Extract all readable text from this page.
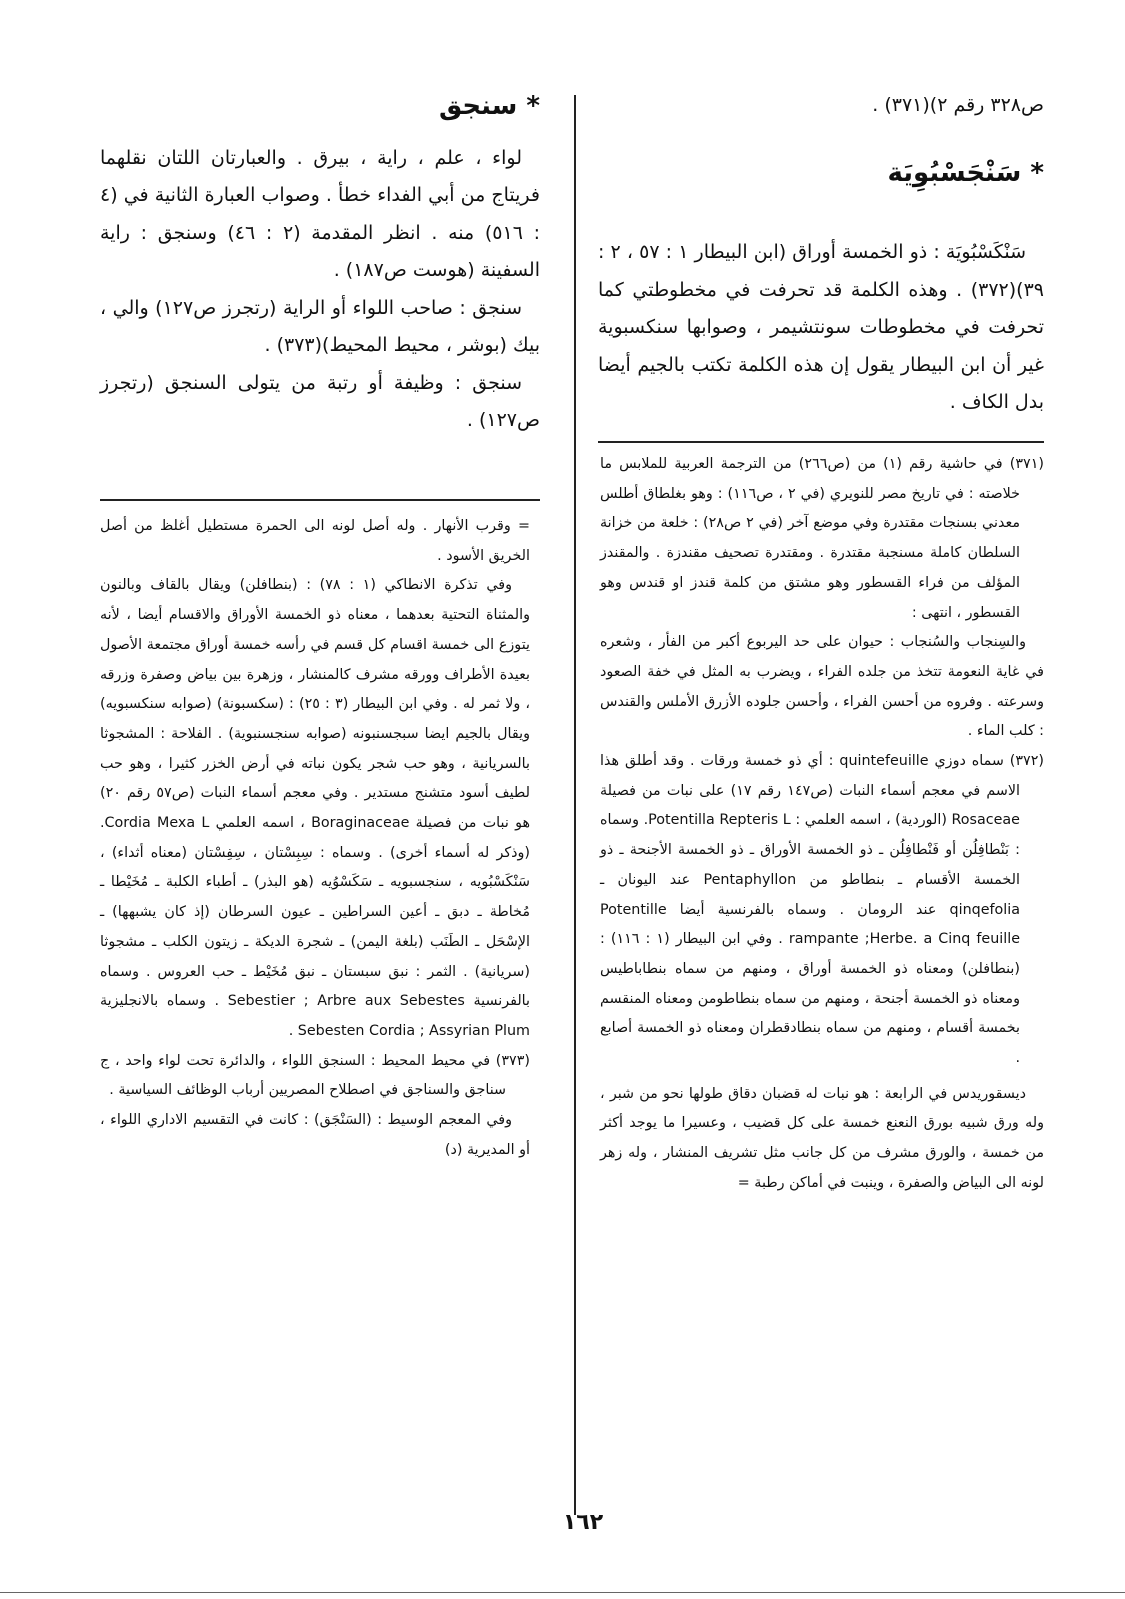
ص٣٢٨ رقم ٢)(٣٧١) .

* سَنْجَسْبُوِيَة

سَنْكَسْبُويَة : ذو الخمسة أوراق (ابن البيطار ١ : ٥٧ ، ٢ : ٣٩)(٣٧٢) . وهذه الكلمة قد تحرفت في مخطوطتي كما تحرفت في مخطوطات سونتشيمر ، وصوابها سنكسبوية غير أن ابن البيطار يقول إن هذه الكلمة تكتب بالجيم أيضا بدل الكاف .

(٣٧١) في حاشية رقم (١) من (ص٢٦٦) من الترجمة العربية للملابس ما خلاصته : في تاريخ مصر للنويري (في ٢ ، ص١١٦) : وهو بغلطاق أطلس معدني بسنجات مقتدرة وفي موضع آخر (في ٢ ص٢٨) : خلعة من خزانة السلطان كاملة مسنجبة مقتدرة . ومقتدرة تصحيف مقندزة . والمقندز المؤلف من فراء القسطور وهو مشتق من كلمة قندز او قندس وهو القسطور ، انتهى :

والسِنجاب والسُنجاب : حيوان على حد اليربوع أكبر من الفأر ، وشعره في غاية النعومة تتخذ من جلده الفراء ، ويضرب به المثل في خفة الصعود وسرعته . وفروه من أحسن الفراء ، وأحسن جلوده الأزرق الأملس والقندس : كلب الماء .

(٣٧٢) سماه دوزي quintefeuille : أي ذو خمسة ورقات . وقد أطلق هذا الاسم في معجم أسماء النبات (ص١٤٧ رقم ١٧) على نبات من فصيلة Rosaceae (الوردية) ، اسمه العلمي : Potentilla Repteris L. وسماه : بَنْطافِلُن أو فَنْطافِلُن ـ ذو الخمسة الأوراق ـ ذو الخمسة الأجنحة ـ ذو الخمسة الأقسام ـ بنطاطو من Pentaphyllon عند اليونان ـ qinqefolia عند الرومان . وسماه بالفرنسية أيضا Potentille rampante ;Herbe. a Cinq feuille . وفي ابن البيطار (١ : ١١٦) : (بنطافلن) ومعناه ذو الخمسة أوراق ، ومنهم من سماه بنطاباطيس ومعناه ذو الخمسة أجنحة ، ومنهم من سماه بنطاطومن ومعناه المنقسم بخمسة أقسام ، ومنهم من سماه بنطادقطران ومعناه ذو الخمسة أصابع .

ديسقوريدس في الرابعة : هو نبات له قضبان دقاق طولها نحو من شبر ، وله ورق شبيه بورق النعنع خمسة على كل قضيب ، وعسيرا ما يوجد أكثر من خمسة ، والورق مشرف من كل جانب مثل تشريف المنشار ، وله زهر لونه الى البياض والصفرة ، وينبت في أماكن رطبة =

* سنجق

لواء ، علم ، راية ، بيرق . والعبارتان اللتان نقلهما فريتاج من أبي الفداء خطأ . وصواب العبارة الثانية في (٤ : ٥١٦) منه . انظر المقدمة (٢ : ٤٦) وسنجق : راية السفينة (هوست ص١٨٧) .

سنجق : صاحب اللواء أو الراية (رتجرز ص١٢٧) والي ، بيك (بوشر ، محيط المحيط)(٣٧٣) .

سنجق : وظيفة أو رتبة من يتولى السنجق (رتجرز ص١٢٧) .

= وقرب الأنهار . وله أصل لونه الى الحمرة مستطيل أغلظ من أصل الخريق الأسود .

وفي تذكرة الانطاكي (١ : ٧٨) : (بنطافلن) ويقال بالقاف وبالنون والمثناة التحتية بعدهما ، معناه ذو الخمسة الأوراق والاقسام أيضا ، لأنه يتوزع الى خمسة اقسام كل قسم في رأسه خمسة أوراق مجتمعة الأصول بعيدة الأطراف وورقه مشرف كالمنشار ، وزهرة بين بياض وصفرة وزرقه ، ولا ثمر له . وفي ابن البيطار (٣ : ٢٥) : (سكسبونة) (صوابه سنكسبويه) ويقال بالجيم ايضا سبجسنبونه (صوابه سنجسنبوية) . الفلاحة : المشجوثا بالسريانية ، وهو حب شجر يكون نباته في أرض الخزر كثيرا ، وهو حب لطيف أسود متشنج مستدير . وفي معجم أسماء النبات (ص٥٧ رقم ٢٠) هو نبات من فصيلة Boraginaceae ، اسمه العلمي Cordia Mexa L. (وذكر له أسماء أخرى) . وسماه : سِبِسْتان ، سِفِسْتان (معناه أثداء) ، سَنْكَسْبُويه ، سنجسبويه ـ سَكَسْوُيه (هو البذر) ـ أطباء الكلبة ـ مُخَيْطا ـ مُخاطة ـ دبق ـ أعين السراطين ـ عيون السرطان (إذ كان يشبهها) ـ الإسْحَل ـ الطَنَب (بلغة اليمن) ـ شجرة الديكة ـ زيتون الكلب ـ مشجوثا (سريانية) . الثمر : نبق سبستان ـ نبق مُخَيْط ـ حب العروس . وسماه بالفرنسية Sebestier ; Arbre aux Sebestes . وسماه بالانجليزية Sebesten Cordia ; Assyrian Plum .

(٣٧٣) في محيط المحيط : السنجق اللواء ، والدائرة تحت لواء واحد ، ج سناجق والسناجق في اصطلاح المصريين أرباب الوظائف السياسية .

وفي المعجم الوسيط : (السَنْجَق) : كانت في التقسيم الاداري اللواء ، أو المديرية (د)

١٦٢
